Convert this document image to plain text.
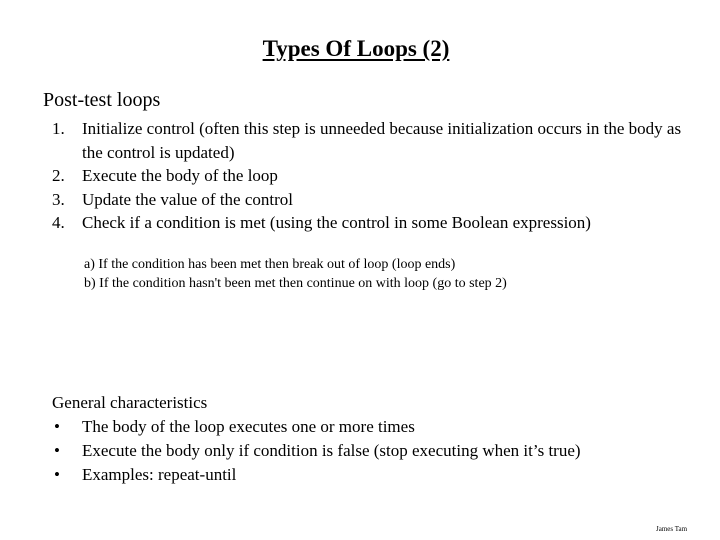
Types Of Loops (2)
Post-test loops
1. Initialize control (often this step is unneeded because initialization occurs in the body as the control is updated)
2. Execute the body of the loop
3. Update the value of the control
4. Check if a condition is met (using the control in some Boolean expression)
a) If the condition has been met then break out of loop (loop ends)
b) If the condition hasn't been met then continue on with loop (go to step 2)
General characteristics
• The body of the loop executes one or more times
• Execute the body only if condition is false (stop executing when it’s true)
• Examples: repeat-until
James Tam
